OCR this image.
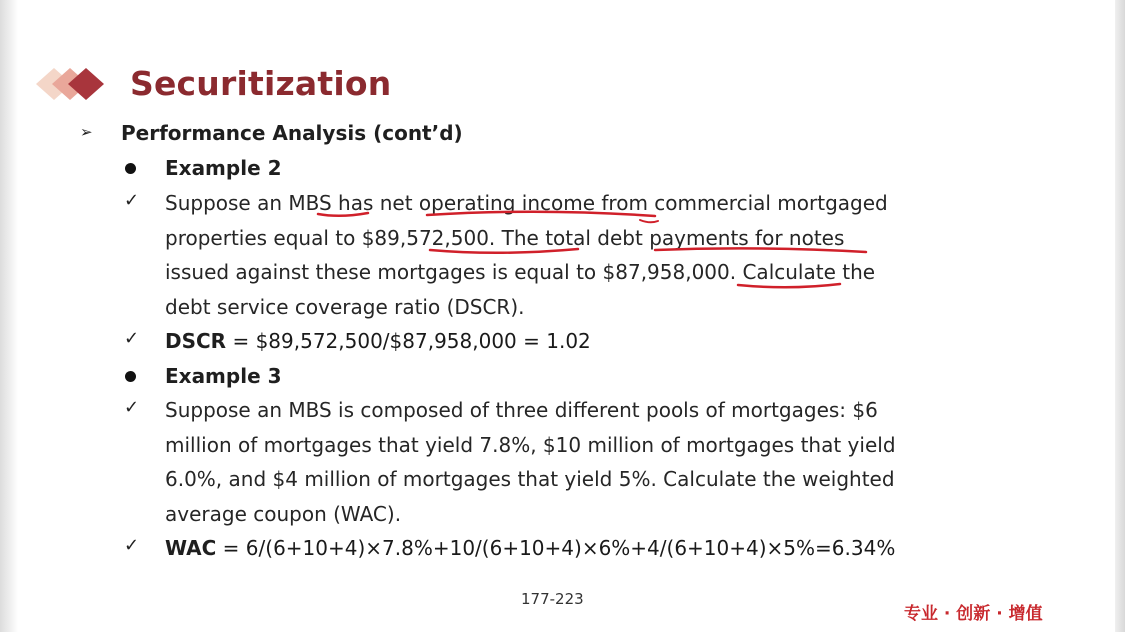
Securitization
➢ Performance Analysis (cont’d)
Example 2
✓ Suppose an MBS has net operating income from commercial mortgaged
properties equal to $89,572,500. The total debt payments for notes
issued against these mortgages is equal to $87,958,000. Calculate the
debt service coverage ratio (DSCR).
✓ DSCR = $89,572,500/$87,958,000 = 1.02
Example 3
✓ Suppose an MBS is composed of three different pools of mortgages: $6
million of mortgages that yield 7.8%, $10 million of mortgages that yield
6.0%, and $4 million of mortgages that yield 5%. Calculate the weighted
average coupon (WAC).
✓ WAC = 6/(6+10+4)×7.8%+10/(6+10+4)×6%+4/(6+10+4)×5%=6.34%
177-223
专业 · 创新 · 增值
